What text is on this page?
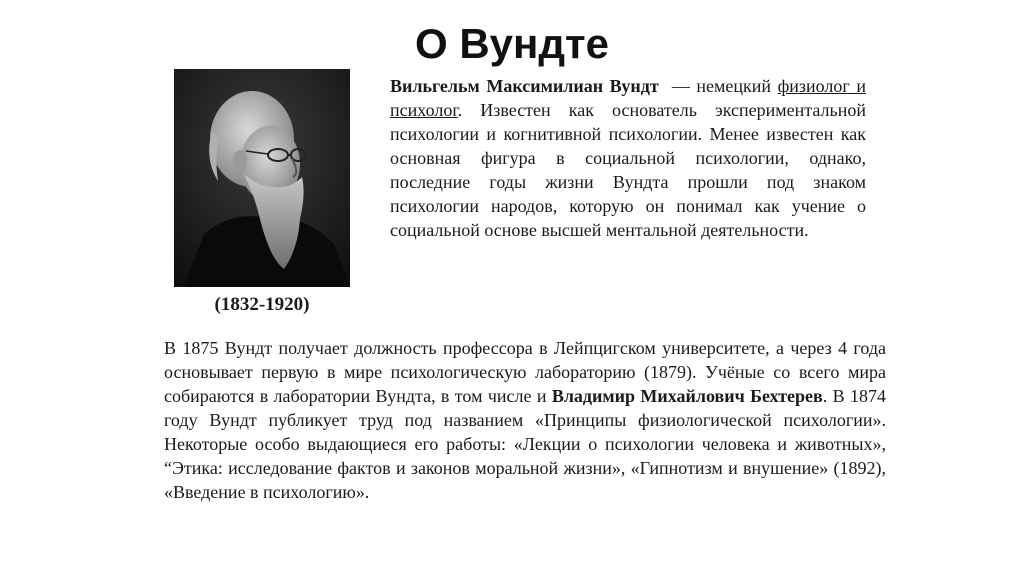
О Вундте
(1832-1920)
Вильгельм Максимилиан Вундт  — немецкий физиолог и психолог. Известен как основатель экспериментальной психологии и когнитивной психологии. Менее известен как основная фигура в социальной психологии, однако, последние годы жизни Вундта прошли под знаком психологии народов, которую он понимал как учение о социальной основе высшей ментальной деятельности.
В 1875 Вундт получает должность профессора в Лейпцигском университете, а через 4 года основывает первую в мире психологическую лабораторию (1879). Учёные со всего мира собираются в лаборатории Вундта, в том числе и Владимир Михайлович Бехтерев. В 1874 году Вундт публикует труд под названием «Принципы физиологической психологии». Некоторые особо выдающиеся его работы: «Лекции о психологии человека и животных», “Этика: исследование фактов и законов моральной жизни», «Гипнотизм и внушение» (1892), «Введение в психологию».
